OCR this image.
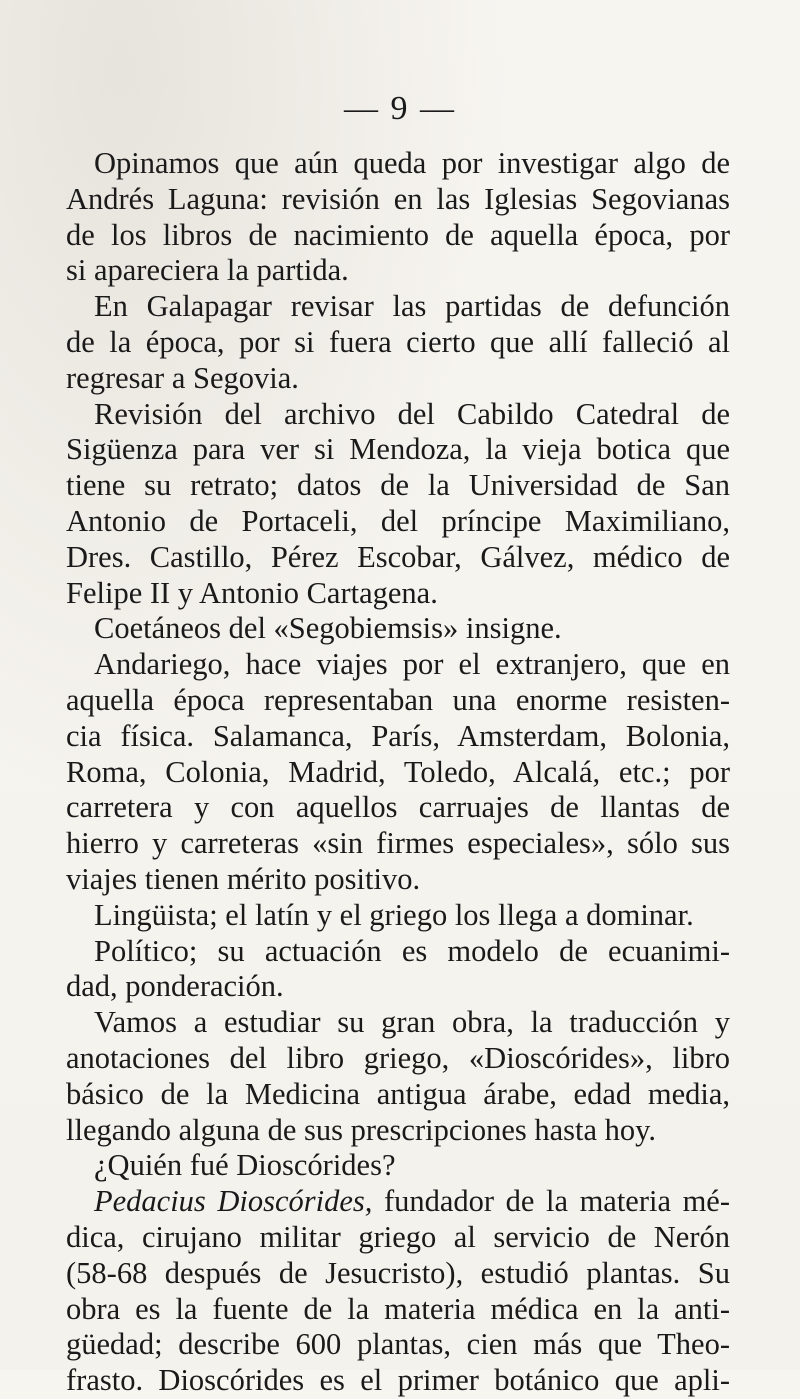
— 9 —
Opinamos que aún queda por investigar algo de
Andrés Laguna: revisión en las Iglesias Segovianas
de los libros de nacimiento de aquella época, por
si apareciera la partida.
En Galapagar revisar las partidas de defunción
de la época, por si fuera cierto que allí falleció al
regresar a Segovia.
Revisión del archivo del Cabildo Catedral de
Sigüenza para ver si Mendoza, la vieja botica que
tiene su retrato; datos de la Universidad de San
Antonio de Portaceli, del príncipe Maximiliano,
Dres. Castillo, Pérez Escobar, Gálvez, médico de
Felipe II y Antonio Cartagena.
Coetáneos del «Segobiemsis» insigne.
Andariego, hace viajes por el extranjero, que en
aquella época representaban una enorme resisten-
cia física. Salamanca, París, Amsterdam, Bolonia,
Roma, Colonia, Madrid, Toledo, Alcalá, etc.; por
carretera y con aquellos carruajes de llantas de
hierro y carreteras «sin firmes especiales», sólo sus
viajes tienen mérito positivo.
Lingüista; el latín y el griego los llega a dominar.
Político; su actuación es modelo de ecuanimi-
dad, ponderación.
Vamos a estudiar su gran obra, la traducción y
anotaciones del libro griego, «Dioscórides», libro
básico de la Medicina antigua árabe, edad media,
llegando alguna de sus prescripciones hasta hoy.
¿Quién fué Dioscórides?
Pedacius Dioscórides, fundador de la materia mé-
dica, cirujano militar griego al servicio de Nerón
(58-68 después de Jesucristo), estudió plantas. Su
obra es la fuente de la materia médica en la anti-
güedad; describe 600 plantas, cien más que Theo-
frasto. Dioscórides es el primer botánico que apli-
